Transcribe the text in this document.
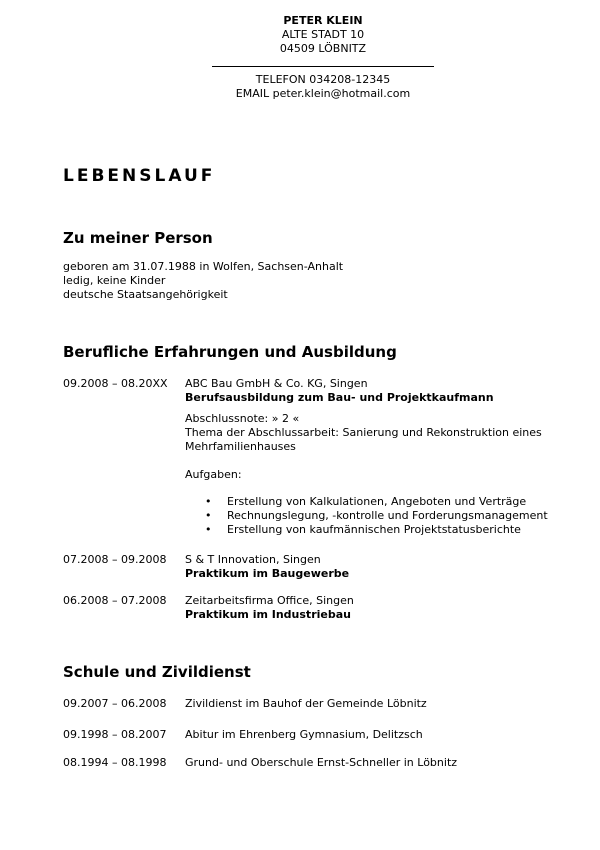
PETER KLEIN
ALTE STADT 10
04509 LÖBNITZ
TELEFON 034208-12345
EMAIL peter.klein@hotmail.com
LEBENSLAUF
Zu meiner Person
geboren am 31.07.1988 in Wolfen, Sachsen-Anhalt
ledig, keine Kinder
deutsche Staatsangehörigkeit
Berufliche Erfahrungen und Ausbildung
09.2008 – 08.20XX ABC Bau GmbH & Co. KG, Singen
Berufsausbildung zum Bau- und Projektkaufmann
Abschlussnote: » 2 «
Thema der Abschlussarbeit: Sanierung und Rekonstruktion eines Mehrfamilienhauses
Aufgaben:
• Erstellung von Kalkulationen, Angeboten und Verträge
• Rechnungslegung, -kontrolle und Forderungsmanagement
• Erstellung von kaufmännischen Projektstatusberichte
07.2008 – 09.2008 S & T Innovation, Singen
Praktikum im Baugewerbe
06.2008 – 07.2008 Zeitarbeitsfirma Office, Singen
Praktikum im Industriebau
Schule und Zivildienst
09.2007 – 06.2008 Zivildienst im Bauhof der Gemeinde Löbnitz
09.1998 – 08.2007 Abitur im Ehrenberg Gymnasium, Delitzsch
08.1994 – 08.1998 Grund- und Oberschule Ernst-Schneller in Löbnitz
